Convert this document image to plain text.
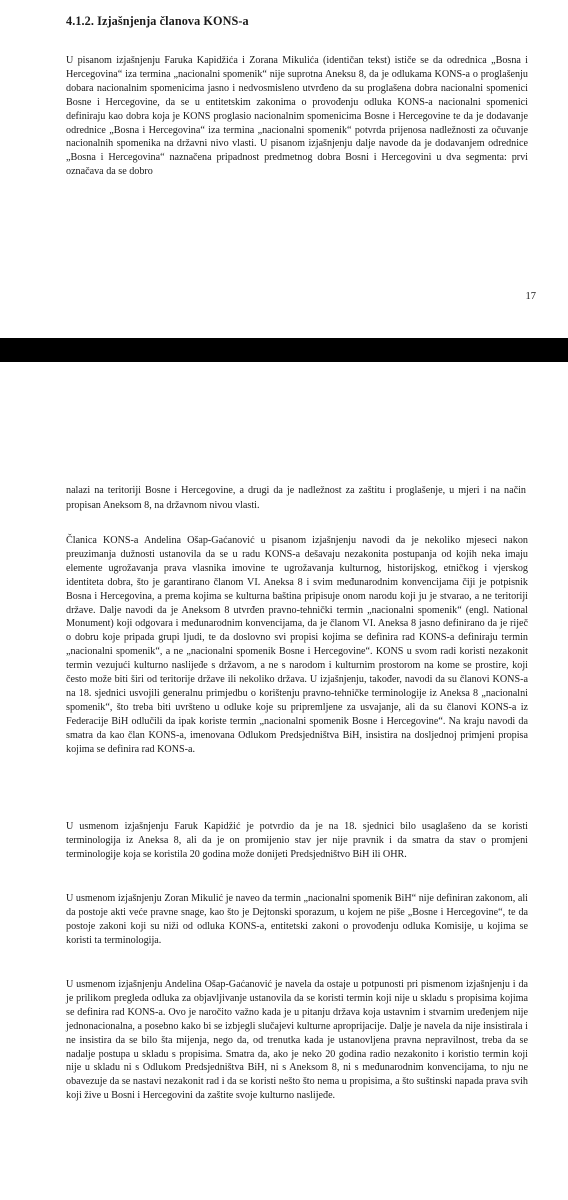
4.1.2. Izjašnjenja članova KONS-a

U pisanom izjašnjenju Faruka Kapidžića i Zorana Mikulića (identičan tekst) ističe se da odrednica „Bosna i Hercegovina“ iza termina „nacionalni spomenik“ nije suprotna Aneksu 8, da je odlukama KONS-a o proglašenju dobara nacionalnim spomenicima jasno i nedvosmisleno utvrđeno da su proglašena dobra nacionalni spomenici Bosne i Hercegovine, da se u entitetskim zakonima o provođenju odluka KONS-a nacionalni spomenici definiraju kao dobra koja je KONS proglasio nacionalnim spomenicima Bosne i Hercegovine te da je dodavanje odrednice „Bosna i Hercegovina“ iza termina „nacionalni spomenik“ potvrda prijenosa nadležnosti za očuvanje nacionalnih spomenika na državni nivo vlasti. U pisanom izjašnjenju dalje navode da je dodavanjem odrednice „Bosna i Hercegovina“ naznačena pripadnost predmetnog dobra Bosni i Hercegovini u dva segmenta: prvi označava da se dobro

17

nalazi na teritoriji Bosne i Hercegovine, a drugi da je nadležnost za zaštitu i proglašenje, u mjeri i na način propisan Aneksom 8, na državnom nivou vlasti.

Članica KONS-a Andelina Ošap-Gaćanović u pisanom izjašnjenju navodi da je nekoliko mjeseci nakon preuzimanja dužnosti ustanovila da se u radu KONS-a dešavaju nezakonita postupanja od kojih neka imaju elemente ugrožavanja prava vlasnika imovine te ugrožavanja kulturnog, historijskog, etničkog i vjerskog identiteta dobra, što je garantirano članom VI. Aneksa 8 i svim međunarodnim konvencijama čiji je potpisnik Bosna i Hercegovina, a prema kojima se kulturna baština pripisuje onom narodu koji ju je stvarao, a ne teritoriji države. Dalje navodi da je Aneksom 8 utvrđen pravno-tehnički termin „nacionalni spomenik“ (engl. National Monument) koji odgovara i međunarodnim konvencijama, da je članom VI. Aneksa 8 jasno definirano da je riječ o dobru koje pripada grupi ljudi, te da doslovno svi propisi kojima se definira rad KONS-a definiraju termin „nacionalni spomenik“, a ne „nacionalni spomenik Bosne i Hercegovine“. KONS u svom radi koristi nezakonit termin vezujući kulturno naslijeđe s državom, a ne s narodom i kulturnim prostorom na kome se prostire, koji često može biti širi od teritorije države ili nekoliko država. U izjašnjenju, također, navodi da su članovi KONS-a na 18. sjednici usvojili generalnu primjedbu o korištenju pravno-tehničke terminologije iz Aneksa 8 „nacionalni spomenik“, što treba biti uvršteno u odluke koje su pripremljene za usvajanje, ali da su članovi KONS-a iz Federacije BiH odlučili da ipak koriste termin „nacionalni spomenik Bosne i Hercegovine“. Na kraju navodi da smatra da kao član KONS-a, imenovana Odlukom Predsjedništva BiH, insistira na dosljednoj primjeni propisa kojima se definira rad KONS-a.

U usmenom izjašnjenju Faruk Kapidžić je potvrdio da je na 18. sjednici bilo usaglašeno da se koristi terminologija iz Aneksa 8, ali da je on promijenio stav jer nije pravnik i da smatra da stav o promjeni terminologije koja se koristila 20 godina može donijeti Predsjedništvo BiH ili OHR.

U usmenom izjašnjenju Zoran Mikulić je naveo da termin „nacionalni spomenik BiH“ nije definiran zakonom, ali da postoje akti veće pravne snage, kao što je Dejtonski sporazum, u kojem ne piše „Bosne i Hercegovine“, te da postoje zakoni koji su niži od odluka KONS-a, entitetski zakoni o provođenju odluka Komisije, u kojima se koristi ta terminologija.

U usmenom izjašnjenju Andelina Ošap-Gaćanović je navela da ostaje u potpunosti pri pismenom izjašnjenju i da je prilikom pregleda odluka za objavljivanje ustanovila da se koristi termin koji nije u skladu s propisima kojima se definira rad KONS-a. Ovo je naročito važno kada je u pitanju država koja ustavnim i stvarnim uređenjem nije jednonacionalna, a posebno kako bi se izbjegli slučajevi kulturne aproprijacije. Dalje je navela da nije insistirala i ne insistira da se bilo šta mijenja, nego da, od trenutka kada je ustanovljena pravna nepravilnost, treba da se nadalje postupa u skladu s propisima. Smatra da, ako je neko 20 godina radio nezakonito i koristio termin koji nije u skladu ni s Odlukom Predsjedništva BiH, ni s Aneksom 8, ni s međunarodnim konvencijama, to nju ne obavezuje da se nastavi nezakonit rad i da se koristi nešto što nema u propisima, a što suštinski napada prava svih koji žive u Bosni i Hercegovini da zaštite svoje kulturno naslijeđe.
